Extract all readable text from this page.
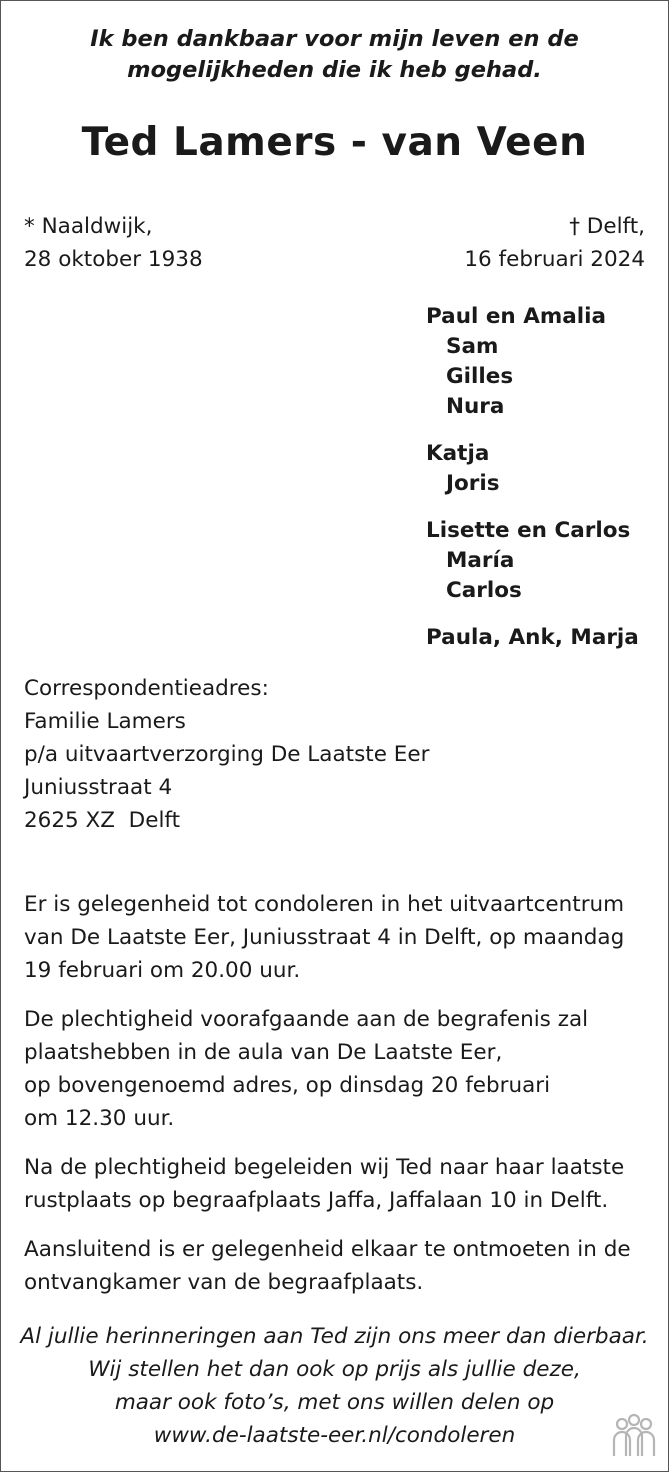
Ik ben dankbaar voor mijn leven en de
mogelijkheden die ik heb gehad.
Ted Lamers - van Veen
* Naaldwijk,
28 oktober 1938
† Delft,
16 februari 2024
Paul en Amalia
Sam
Gilles
Nura
Katja
Joris
Lisette en Carlos
María
Carlos
Paula, Ank, Marja
Correspondentieadres:
Familie Lamers
p/a uitvaartverzorging De Laatste Eer
Juniusstraat 4
2625 XZ  Delft

Er is gelegenheid tot condoleren in het uitvaartcentrum
van De Laatste Eer, Juniusstraat 4 in Delft, op maandag
19 februari om 20.00 uur.

De plechtigheid voorafgaande aan de begrafenis zal
plaatshebben in de aula van De Laatste Eer,
op bovengenoemd adres, op dinsdag 20 februari
om 12.30 uur.

Na de plechtigheid begeleiden wij Ted naar haar laatste
rustplaats op begraafplaats Jaffa, Jaffalaan 10 in Delft.

Aansluitend is er gelegenheid elkaar te ontmoeten in de
ontvangkamer van de begraafplaats.

Al jullie herinneringen aan Ted zijn ons meer dan dierbaar.
Wij stellen het dan ook op prijs als jullie deze,
maar ook foto’s, met ons willen delen op
www.de-laatste-eer.nl/condoleren
